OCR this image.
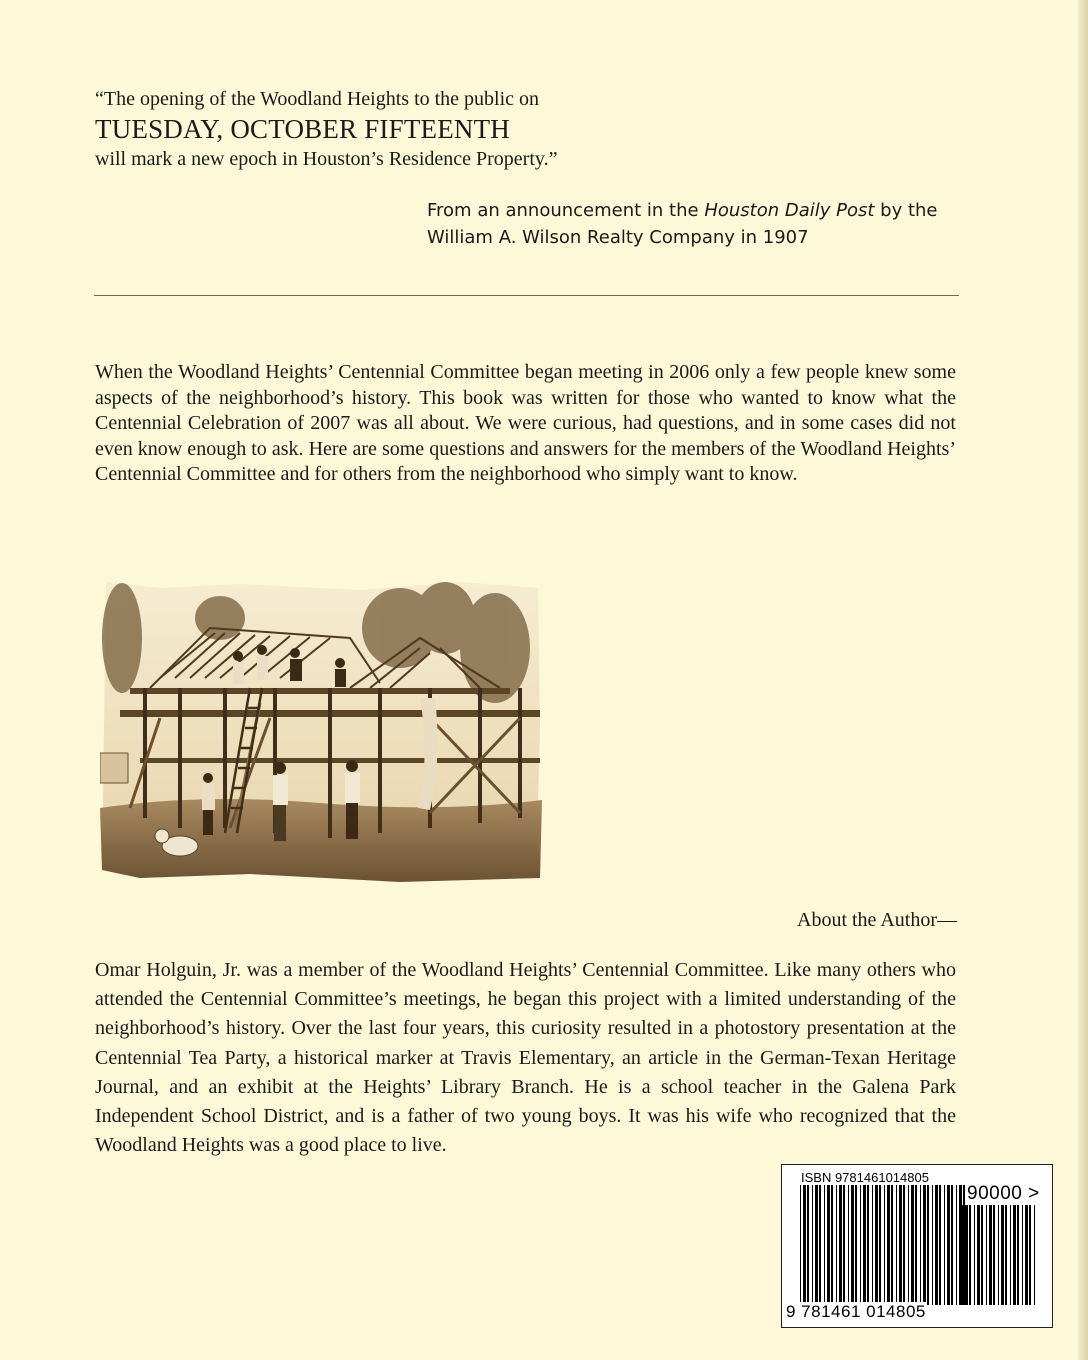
“The opening of the Woodland Heights to the public on
TUESDAY, OCTOBER FIFTEENTH
will mark a new epoch in Houston’s Residence Property.”
From an announcement in the Houston Daily Post by the William A. Wilson Realty Company in 1907
When the Woodland Heights’ Centennial Committee began meeting in 2006 only a few people knew some aspects of the neighborhood’s history. This book was written for those who wanted to know what the Centennial Celebration of 2007 was all about. We were curious, had questions, and in some cases did not even know enough to ask. Here are some questions and answers for the members of the Woodland Heights’ Centennial Committee and for others from the neighborhood who simply want to know.
About the Author—
Omar Holguin, Jr. was a member of the Woodland Heights’ Centennial Committee. Like many others who attended the Centennial Committee’s meetings, he began this project with a limited understanding of the neighborhood’s history. Over the last four years, this curiosity resulted in a photostory presentation at the Centennial Tea Party, a historical marker at Travis Elementary, an article in the German-Texan Heritage Journal, and an exhibit at the Heights’ Library Branch. He is a school teacher in the Galena Park Independent School District, and is a father of two young boys. It was his wife who recognized that the Woodland Heights was a good place to live.
ISBN 9781461014805
90000 >
9 781461 014805
